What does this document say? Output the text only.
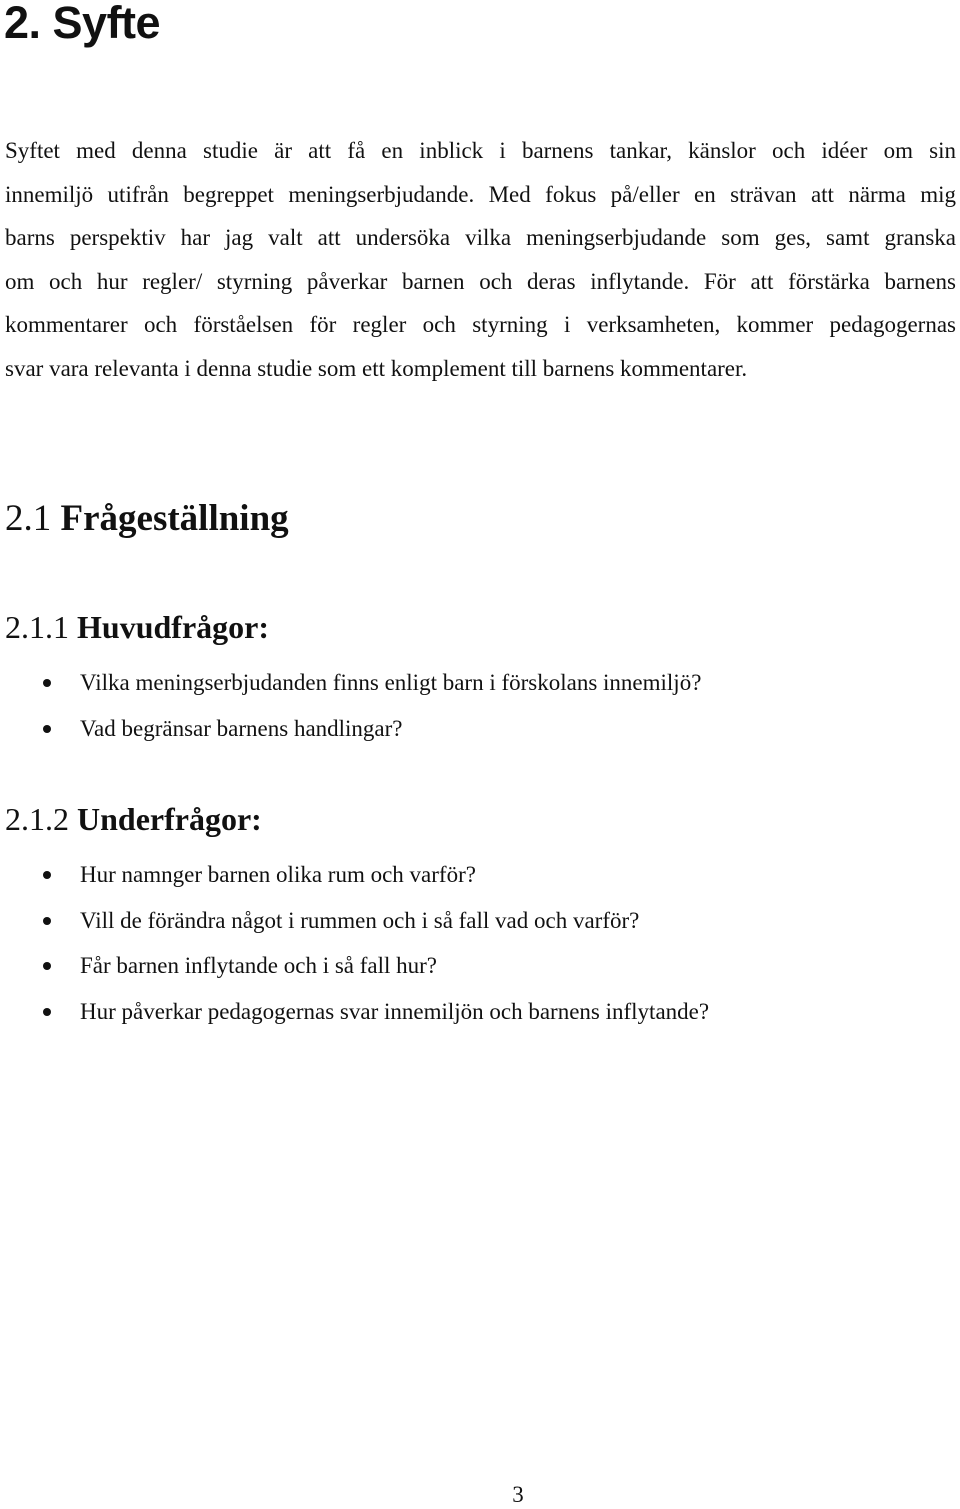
2. Syfte

Syftet med denna studie är att få en inblick i barnens tankar, känslor och idéer om sin
innemiljö utifrån begreppet meningserbjudande. Med fokus på/eller en strävan att närma mig
barns perspektiv har jag valt att undersöka vilka meningserbjudande som ges, samt granska
om och hur regler/ styrning påverkar barnen och deras inflytande. För att förstärka barnens
kommentarer och förståelsen för regler och styrning i verksamheten, kommer pedagogernas
svar vara relevanta i denna studie som ett komplement till barnens kommentarer.

2.1 Frågeställning
2.1.1 Huvudfrågor:
Vilka meningserbjudanden finns enligt barn i förskolans innemiljö?
Vad begränsar barnens handlingar?
2.1.2 Underfrågor:
Hur namnger barnen olika rum och varför?
Vill de förändra något i rummen och i så fall vad och varför?
Får barnen inflytande och i så fall hur?
Hur påverkar pedagogernas svar innemiljön och barnens inflytande?

3
